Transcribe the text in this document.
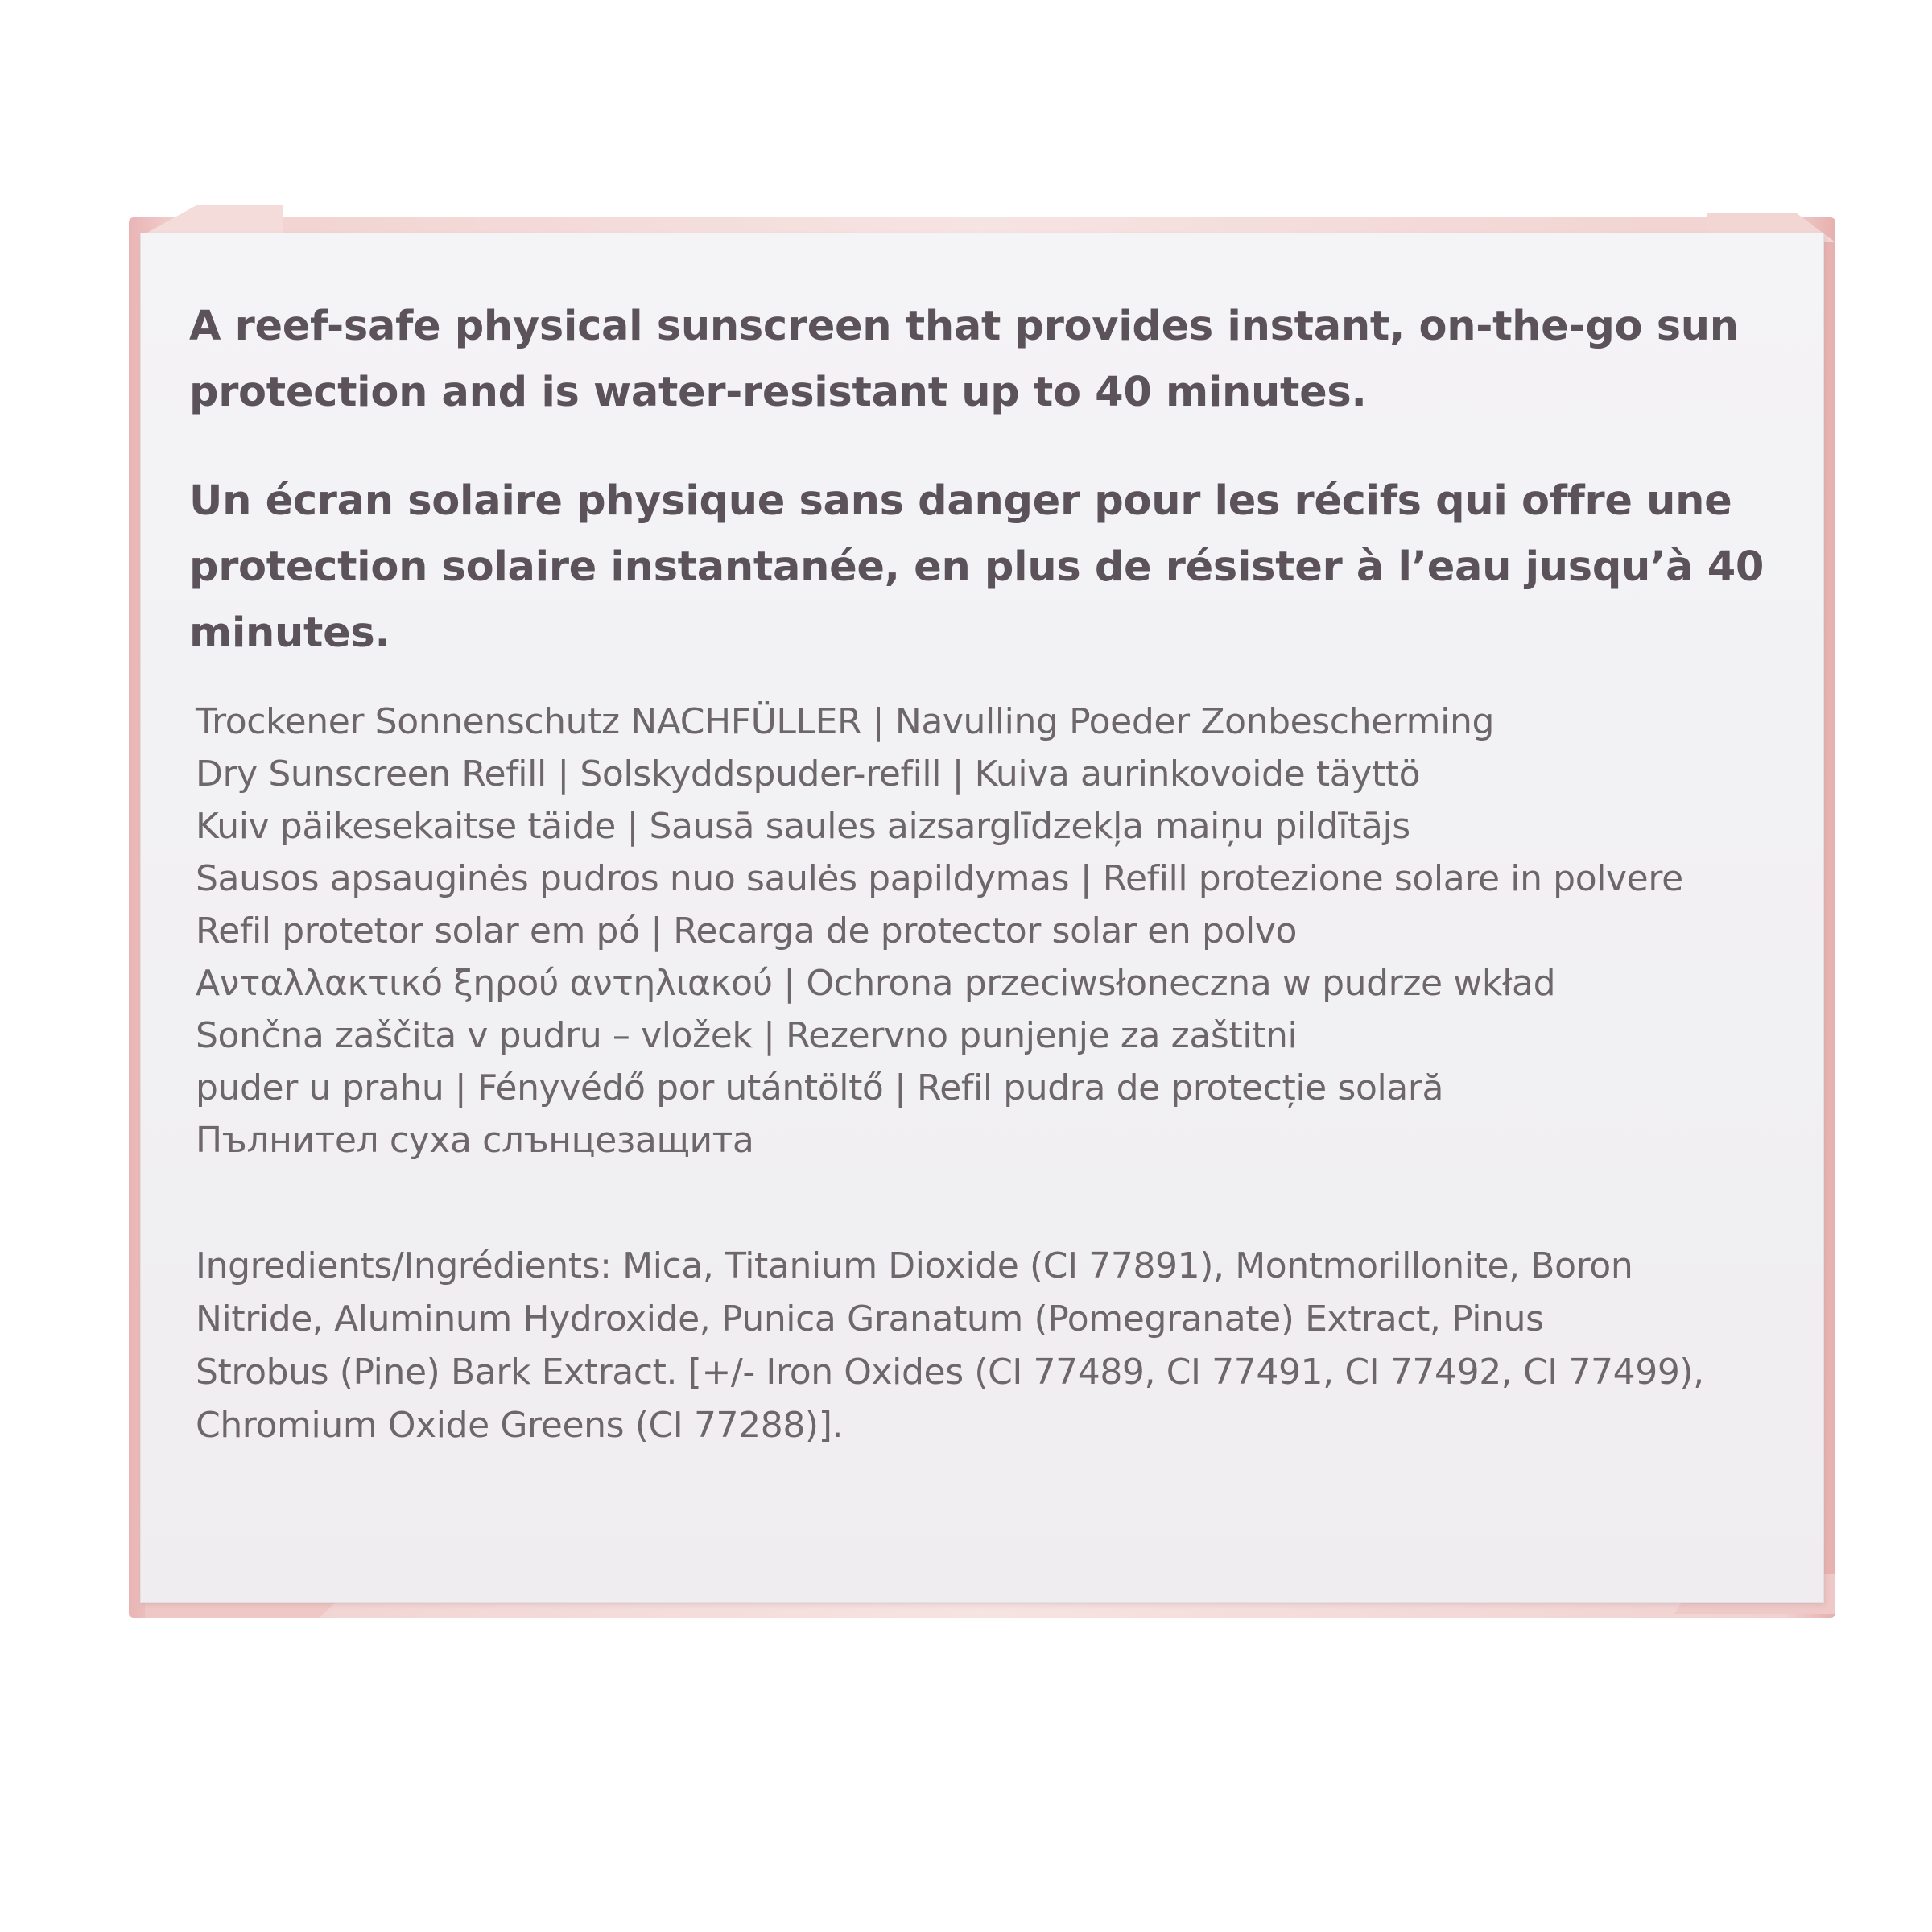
A reef-safe physical sunscreen that provides instant, on-the-go sun protection and is water-resistant up to 40 minutes.

Un écran solaire physique sans danger pour les récifs qui offre une protection solaire instantanée, en plus de résister à l’eau jusqu’à 40 minutes.

Trockener Sonnenschutz NACHFÜLLER | Navulling Poeder Zonbescherming
Dry Sunscreen Refill | Solskyddspuder-refill | Kuiva aurinkovoide täyttö
Kuiv päikesekaitse täide | Sausā saules aizsarglīdzekļa maiņu pildītājs
Sausos apsauginės pudros nuo saulės papildymas | Refill protezione solare in polvere
Refil protetor solar em pó | Recarga de protector solar en polvo
Ανταλλακτικό ξηρού αντηλιακού | Ochrona przeciwsłoneczna w pudrze wkład
Sončna zaščita v pudru – vložek | Rezervno punjenje za zaštitni
puder u prahu | Fényvédő por utántöltő | Refil pudra de protecție solară
Пълнител суха слънцезащита

Ingredients/Ingrédients: Mica, Titanium Dioxide (CI 77891), Montmorillonite, Boron
Nitride, Aluminum Hydroxide, Punica Granatum (Pomegranate) Extract, Pinus
Strobus (Pine) Bark Extract. [+/- Iron Oxides (CI 77489, CI 77491, CI 77492, CI 77499),
Chromium Oxide Greens (CI 77288)].
